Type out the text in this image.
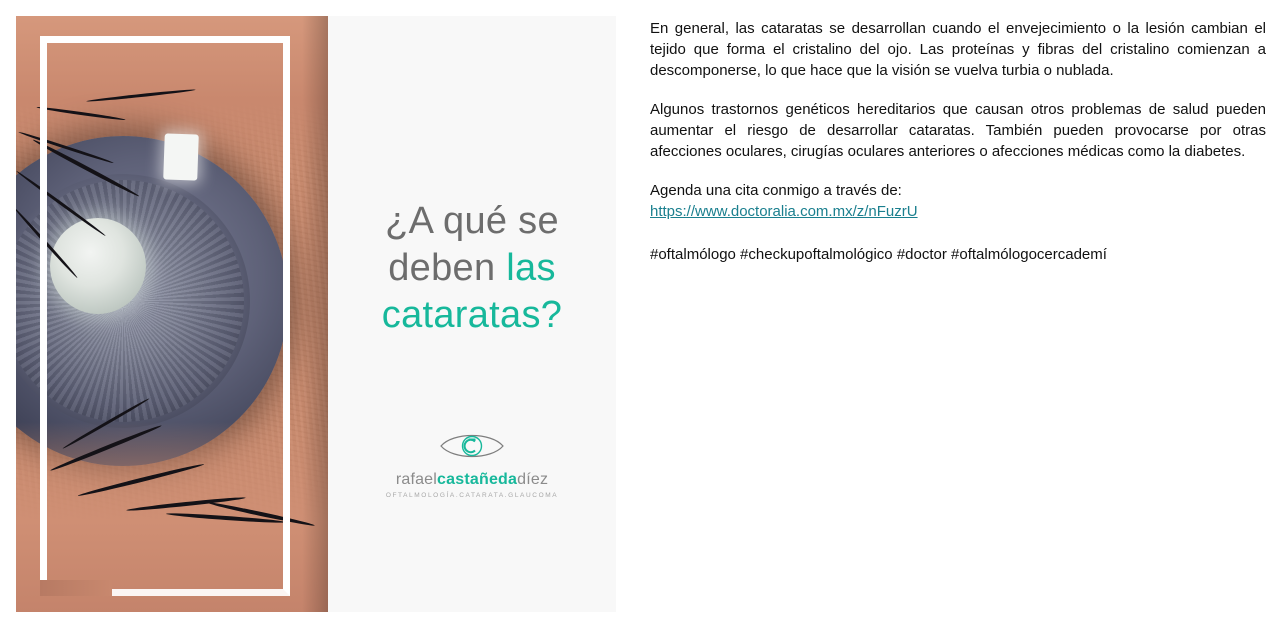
¿A qué se
deben las
cataratas?
rafaelcastañedadíez
OFTALMOLOGÍA.CATARATA.GLAUCOMA

En general, las cataratas se desarrollan cuando el envejecimiento o la lesión cambian el tejido que forma el cristalino del ojo. Las proteínas y fibras del cristalino comienzan a descomponerse, lo que hace que la visión se vuelva turbia o nublada.

Algunos trastornos genéticos hereditarios que causan otros problemas de salud pueden aumentar el riesgo de desarrollar cataratas. También pueden provocarse por otras afecciones oculares, cirugías oculares anteriores o afecciones médicas como la diabetes.

Agenda una cita conmigo a través de:
https://www.doctoralia.com.mx/z/nFuzrU

#oftalmólogo #checkupoftalmológico #doctor #oftalmólogocercademí
